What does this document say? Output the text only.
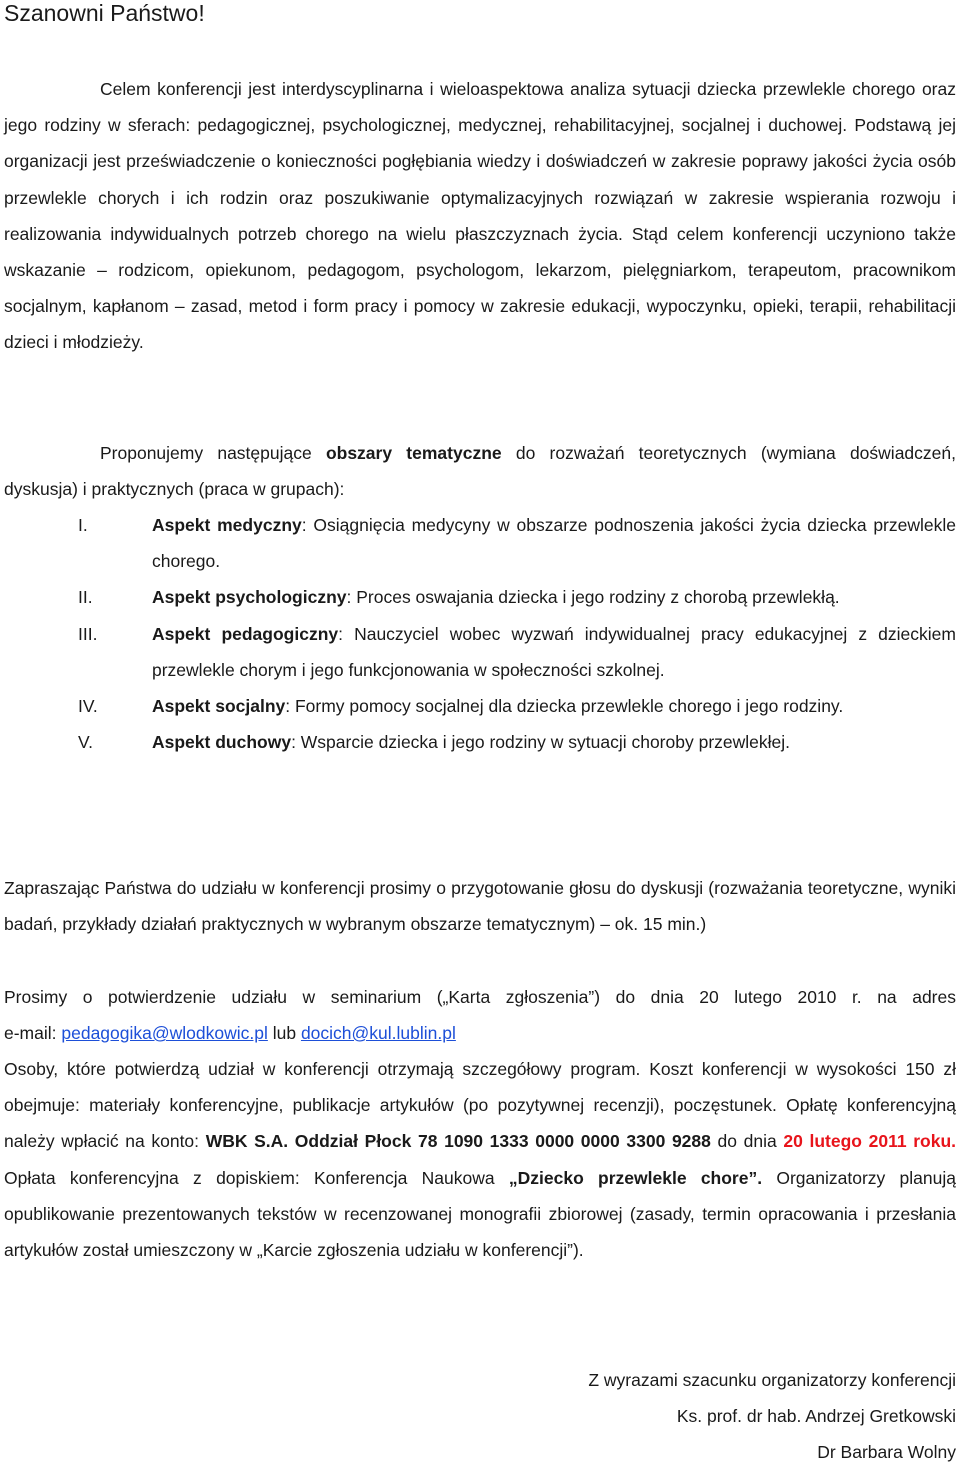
Szanowni Państwo!

Celem konferencji jest interdyscyplinarna i wieloaspektowa analiza sytuacji dziecka przewlekle chorego oraz jego rodziny w sferach: pedagogicznej, psychologicznej, medycznej, rehabilitacyjnej, socjalnej i duchowej. Podstawą jej organizacji jest przeświadczenie o konieczności pogłębiania wiedzy i doświadczeń w zakresie poprawy jakości życia osób przewlekle chorych i ich rodzin oraz poszukiwanie optymalizacyjnych rozwiązań w zakresie wspierania rozwoju i realizowania indywidualnych potrzeb chorego na wielu płaszczyznach życia. Stąd celem konferencji uczyniono także wskazanie – rodzicom, opiekunom, pedagogom, psychologom, lekarzom, pielęgniarkom, terapeutom, pracownikom socjalnym, kapłanom – zasad, metod i form pracy i pomocy w zakresie edukacji, wypoczynku, opieki, terapii, rehabilitacji dzieci i młodzieży.

Proponujemy następujące obszary tematyczne do rozważań teoretycznych (wymiana doświadczeń, dyskusja) i praktycznych (praca w grupach):

I.	Aspekt medyczny: Osiągnięcia medycyny w obszarze podnoszenia jakości życia dziecka przewlekle chorego.
II.	Aspekt psychologiczny: Proces oswajania dziecka i jego rodziny z chorobą przewlekłą.
III.	Aspekt pedagogiczny: Nauczyciel wobec wyzwań indywidualnej pracy edukacyjnej z dzieckiem przewlekle chorym i jego funkcjonowania w społeczności szkolnej.
IV.	Aspekt socjalny: Formy pomocy socjalnej dla dziecka przewlekle chorego i jego rodziny.
V.	Aspekt duchowy: Wsparcie dziecka i jego rodziny w sytuacji choroby przewlekłej.

Zapraszając Państwa do udziału w konferencji prosimy o przygotowanie głosu do dyskusji (rozważania teoretyczne, wyniki badań, przykłady działań praktycznych w wybranym obszarze tematycznym) – ok. 15 min.)

Prosimy o potwierdzenie udziału w seminarium („Karta zgłoszenia”) do dnia 20 lutego 2010 r. na adres

e-mail: pedagogika@wlodkowic.pl lub docich@kul.lublin.pl

Osoby, które potwierdzą udział w konferencji otrzymają szczegółowy program. Koszt konferencji w wysokości 150 zł obejmuje: materiały konferencyjne, publikacje artykułów (po pozytywnej recenzji), poczęstunek. Opłatę konferencyjną należy wpłacić na konto: WBK S.A. Oddział Płock 78 1090 1333 0000 0000 3300 9288 do dnia 20 lutego 2011 roku. Opłata konferencyjna z dopiskiem: Konferencja Naukowa „Dziecko przewlekle chore”. Organizatorzy planują opublikowanie prezentowanych tekstów w recenzowanej monografii zbiorowej (zasady, termin opracowania i przesłania artykułów został umieszczony w „Karcie zgłoszenia udziału w konferencji”).

Z wyrazami szacunku organizatorzy konferencji
Ks. prof. dr hab. Andrzej Gretkowski
Dr Barbara Wolny
